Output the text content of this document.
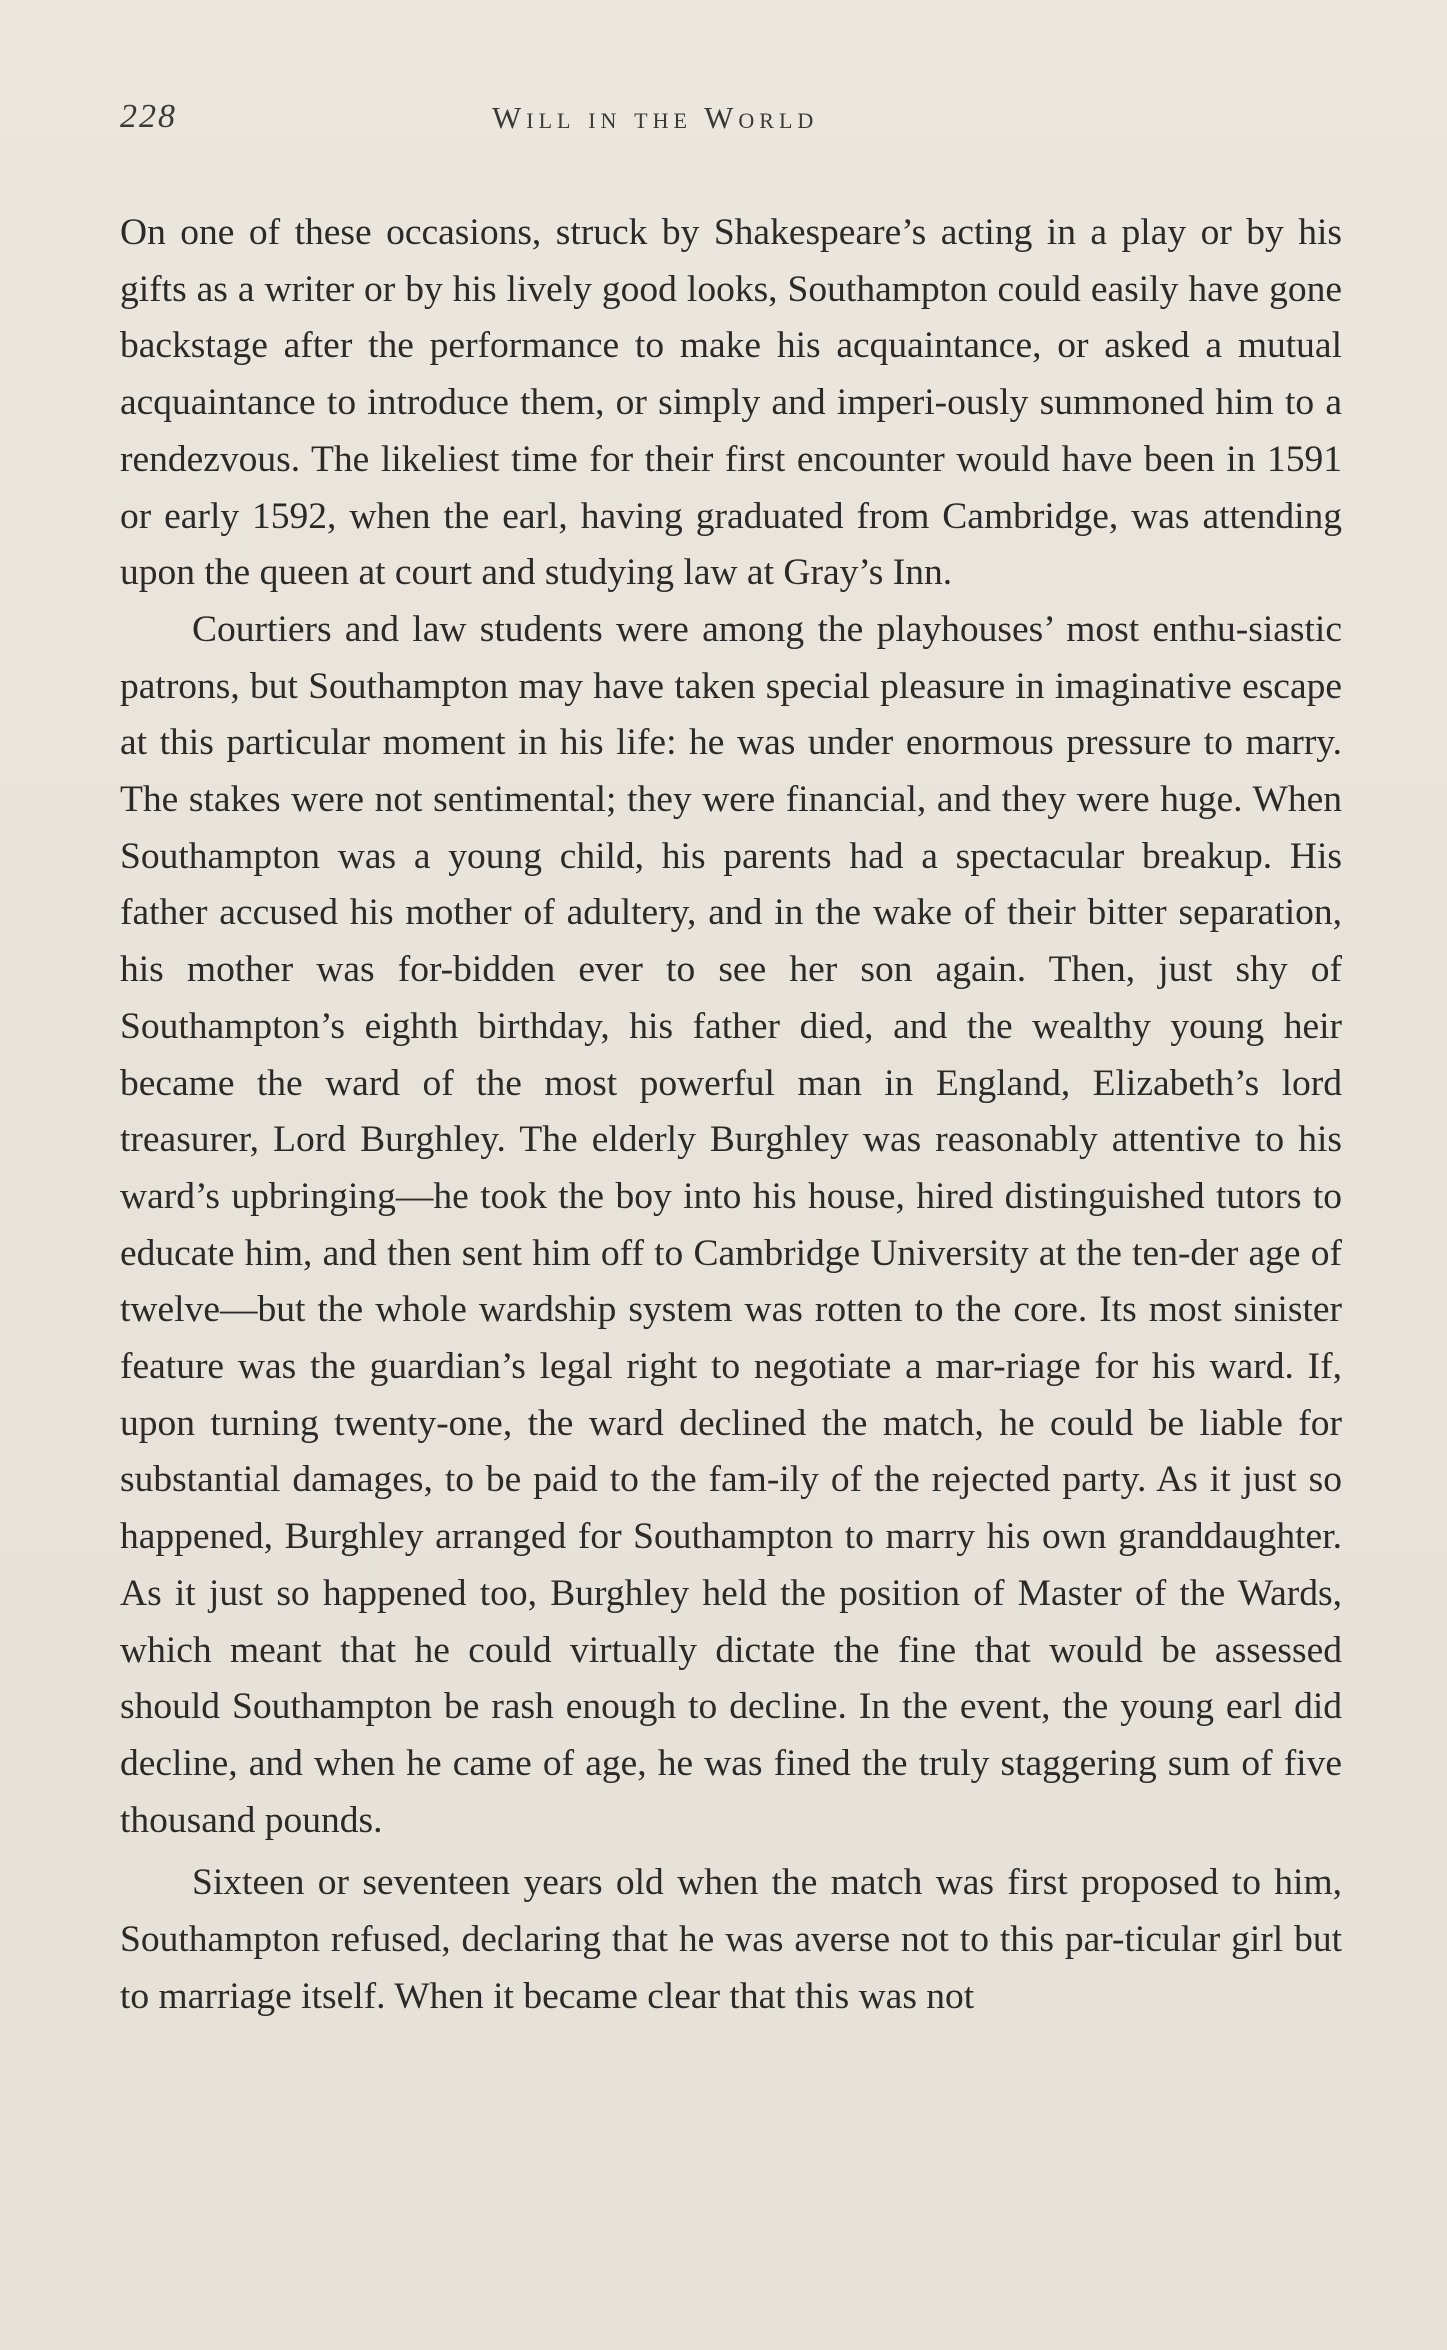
228	Will in the World

On one of these occasions, struck by Shakespeare’s acting in a play or by his gifts as a writer or by his lively good looks, Southampton could easily have gone backstage after the performance to make his acquaintance, or asked a mutual acquaintance to introduce them, or simply and imperi-ously summoned him to a rendezvous. The likeliest time for their first encounter would have been in 1591 or early 1592, when the earl, having graduated from Cambridge, was attending upon the queen at court and studying law at Gray’s Inn.

Courtiers and law students were among the playhouses’ most enthu-siastic patrons, but Southampton may have taken special pleasure in imaginative escape at this particular moment in his life: he was under enormous pressure to marry. The stakes were not sentimental; they were financial, and they were huge. When Southampton was a young child, his parents had a spectacular breakup. His father accused his mother of adultery, and in the wake of their bitter separation, his mother was for-bidden ever to see her son again. Then, just shy of Southampton’s eighth birthday, his father died, and the wealthy young heir became the ward of the most powerful man in England, Elizabeth’s lord treasurer, Lord Burghley. The elderly Burghley was reasonably attentive to his ward’s upbringing—he took the boy into his house, hired distinguished tutors to educate him, and then sent him off to Cambridge University at the ten-der age of twelve—but the whole wardship system was rotten to the core. Its most sinister feature was the guardian’s legal right to negotiate a mar-riage for his ward. If, upon turning twenty-one, the ward declined the match, he could be liable for substantial damages, to be paid to the fam-ily of the rejected party. As it just so happened, Burghley arranged for Southampton to marry his own granddaughter. As it just so happened too, Burghley held the position of Master of the Wards, which meant that he could virtually dictate the fine that would be assessed should Southampton be rash enough to decline. In the event, the young earl did decline, and when he came of age, he was fined the truly staggering sum of five thousand pounds.

Sixteen or seventeen years old when the match was first proposed to him, Southampton refused, declaring that he was averse not to this par-ticular girl but to marriage itself. When it became clear that this was not
